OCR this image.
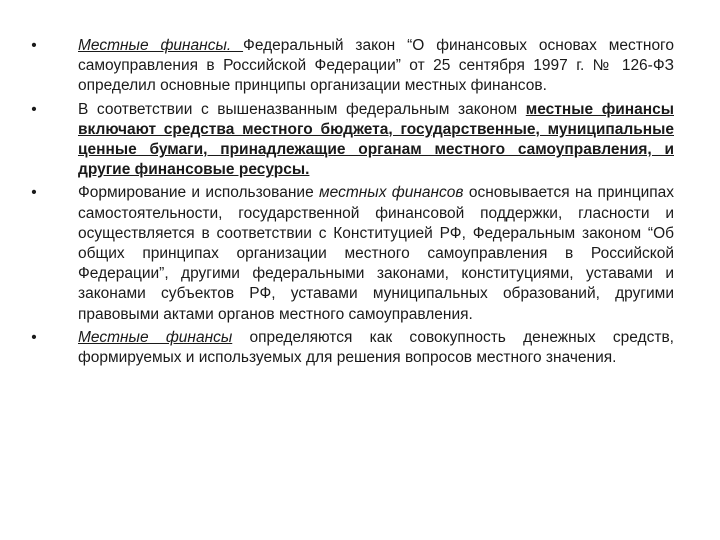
•	Местные финансы. Федеральный закон “О финансовых основах местного самоуправления в Российской Федерации” от 25 сентября 1997 г. № 126-ФЗ определил основные принципы организации местных финансов.
•	В соответствии с вышеназванным федеральным законом местные финансы включают средства местного бюджета, государственные, муниципальные ценные бумаги, принадлежащие органам местного самоуправления, и другие финансовые ресурсы.
•	Формирование и использование местных финансов основывается на принципах самостоятельности, государственной финансовой поддержки, гласности и осуществляется в соответствии с Конституцией РФ, Федеральным законом “Об общих принципах организации местного самоуправления в Российской Федерации”, другими федеральными законами, конституциями, уставами и законами субъектов РФ, уставами муниципальных образований, другими правовыми актами органов местного самоуправления.
•	Местные финансы определяются как совокупность денежных средств, формируемых и используемых для решения вопросов местного значения.
